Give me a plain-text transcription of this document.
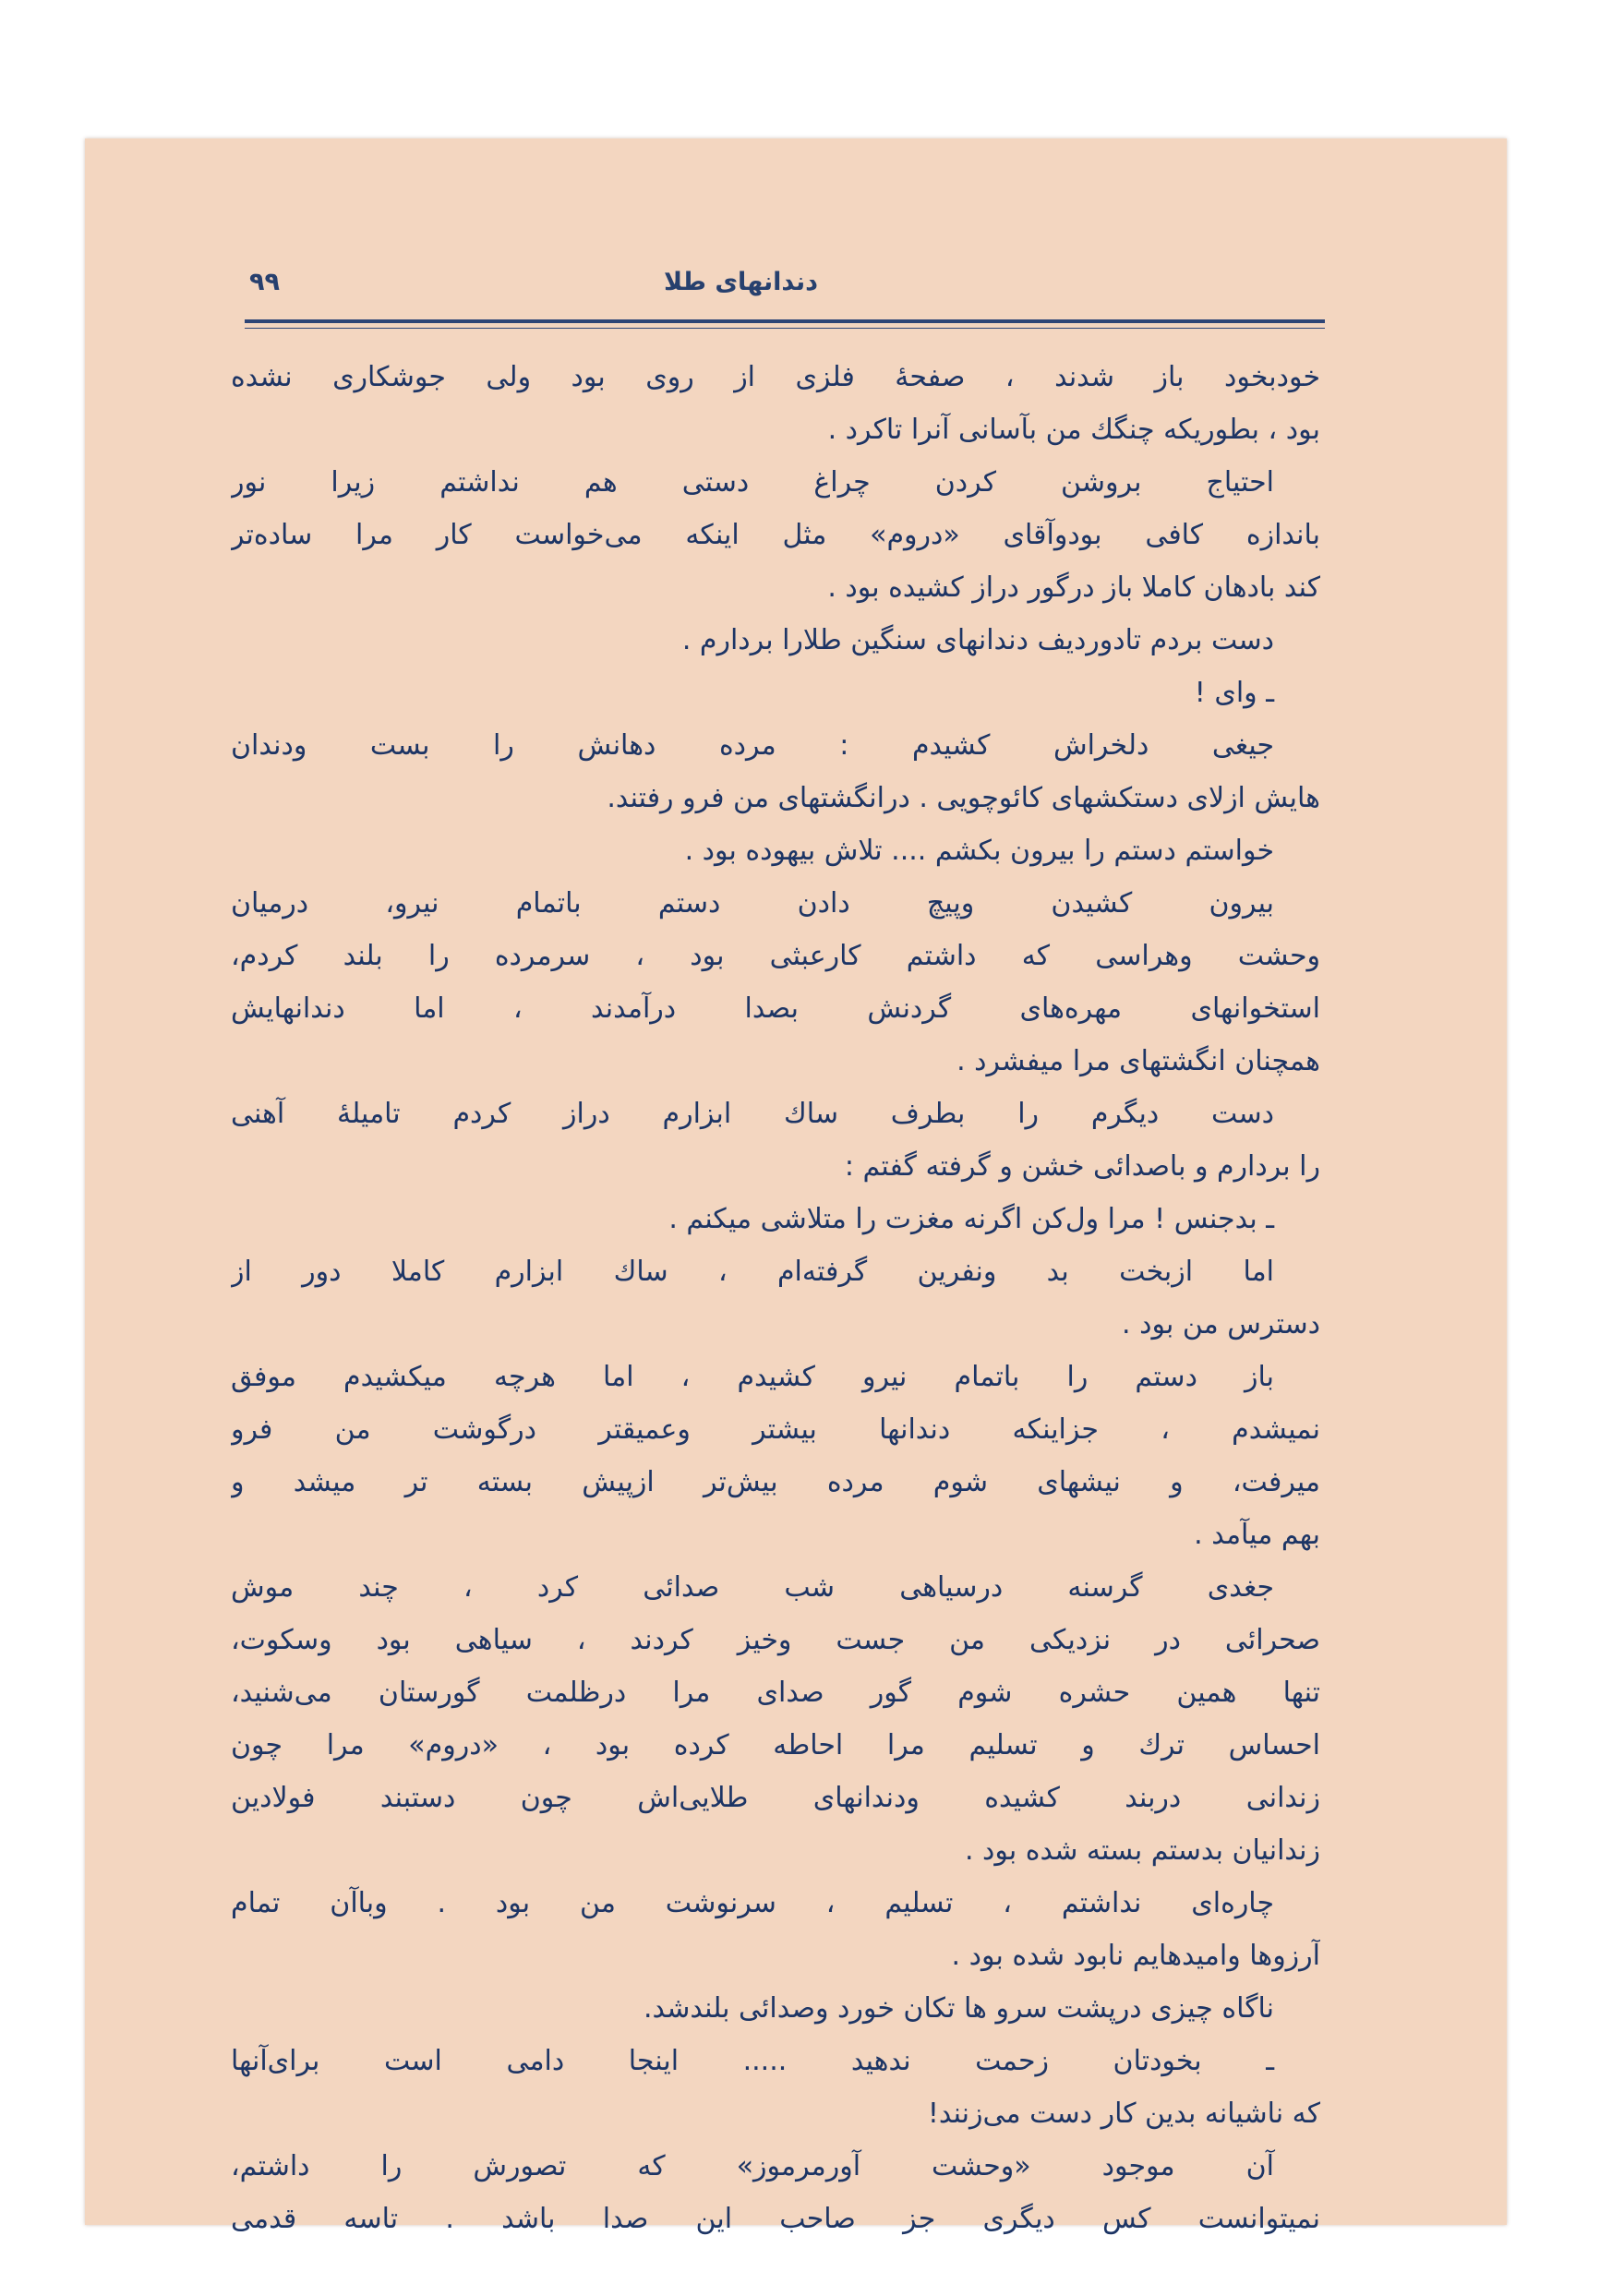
دندانهای طلا
۹۹
خودبخود باز شدند ، صفحهٔ فلزی از روی بود ولی جوشکاری نشده
بود ، بطوریکه چنگك من بآسانی آنرا تاکرد .
احتیاج بروشن کردن چراغ دستی هم نداشتم زیرا نور
باندازه کافی بودوآقای «دروم» مثل اینکه می‌خواست کار مرا ساده‌تر
کند بادهان کاملا باز درگور دراز کشیده بود .
دست بردم تادوردیف دندانهای سنگین طلارا بردارم .
ـ وای !
جیغی دلخراش کشیدم : مرده دهانش را بست ودندان
هایش ازلای دستکشهای کائوچویی . درانگشتهای من فرو رفتند.
خواستم دستم را بیرون بکشم .... تلاش بیهوده بود .
بیرون کشیدن وپیچ دادن دستم باتمام نیرو، درمیان
وحشت وهراسی که داشتم کارعبثی بود ، سرمرده را بلند کردم،
استخوانهای مهره‌های گردنش بصدا درآمدند ، اما دندانهایش
همچنان انگشتهای مرا میفشرد .
دست دیگرم را بطرف ساك ابزارم دراز کردم تامیلهٔ آهنی
را بردارم و باصدائی خشن و گرفته گفتم :
ـ بدجنس ! مرا ول‌کن اگرنه مغزت را متلاشی میکنم .
اما ازبخت بد ونفرین گرفته‌ام ، ساك ابزارم کاملا دور از
دسترس من بود .
باز دستم را باتمام نیرو کشیدم ، اما هرچه میکشیدم موفق
نمیشدم ، جزاینکه دندانها بیشتر وعمیقتر درگوشت من فرو
میرفت، و نیشهای شوم مرده بیش‌تر ازپیش بسته تر میشد و
بهم میآمد .
جغدی گرسنه درسیاهی شب صدائی کرد ، چند موش
صحرائی در نزدیکی من جست وخیز کردند ، سیاهی بود وسکوت،
تنها همین حشره شوم گور صدای مرا درظلمت گورستان می‌شنید،
احساس ترك و تسلیم مرا احاطه کرده بود ، «دروم» مرا چون
زندانی دربند کشیده ودندانهای طلایی‌اش چون دستبند فولادین
زندانیان بدستم بسته شده بود .
چاره‌ای نداشتم ، تسلیم ، سرنوشت من بود . وباآن تمام
آرزوها وامیدهایم نابود شده بود .
ناگاه چیزی درپشت سرو ها تکان خورد وصدائی بلندشد.
ـ بخودتان زحمت ندهید ..... اینجا دامی است برای‌آنها
که ناشیانه بدین کار دست می‌زنند!
آن موجود «وحشت آورمرموز» که تصورش را داشتم،
نمیتوانست کس دیگری جز صاحب این صدا باشد . تاسه قدمی
